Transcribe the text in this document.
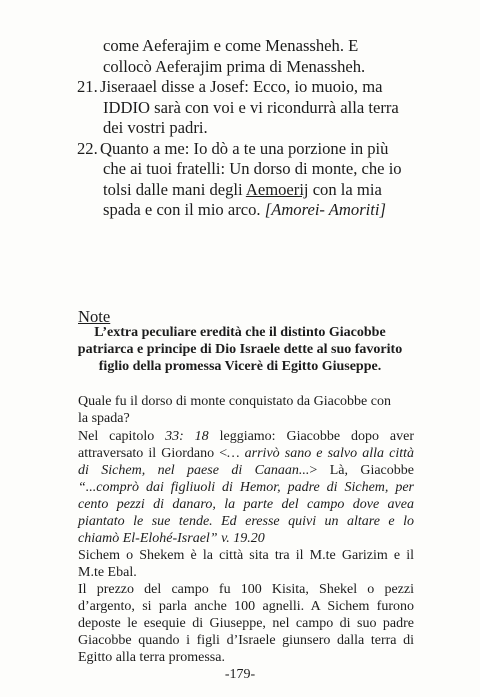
come Aeferajim e come Menassheh. E
collocò Aeferajim prima di Menassheh.
21. Jiseraael disse a Josef: Ecco, io muoio, ma
IDDIO sarà con voi e vi ricondurrà alla terra
dei vostri padri.
22. Quanto a me: Io dò a te una porzione in più
che ai tuoi fratelli: Un dorso di monte, che io
tolsi dalle mani degli Aemoerij con la mia
spada e con il mio arco. [Amorei- Amoriti]
Note
L’extra peculiare eredità che il distinto Giacobbe
patriarca e principe di Dio Israele dette al suo favorito
figlio della promessa Vicerè di Egitto Giuseppe.
Quale fu il dorso di monte conquistato da Giacobbe con
la spada?
Nel capitolo 33: 18 leggiamo: Giacobbe dopo aver
attraversato il Giordano <… arrivò sano e salvo alla città
di Sichem, nel paese di Canaan...> Là, Giacobbe
“...comprò dai figliuoli di Hemor, padre di Sichem, per
cento pezzi di danaro, la parte del campo dove avea
piantato le sue tende. Ed eresse quivi un altare e lo
chiamò El-Elohé-Israel” v. 19.20
Sichem o Shekem è la città sita tra il M.te Garizim e il
M.te Ebal.
Il prezzo del campo fu 100 Kisita, Shekel o pezzi
d’argento, si parla anche 100 agnelli. A Sichem furono
deposte le esequie di Giuseppe, nel campo di suo padre
Giacobbe quando i figli d’Israele giunsero dalla terra di
Egitto alla terra promessa.
-179-
